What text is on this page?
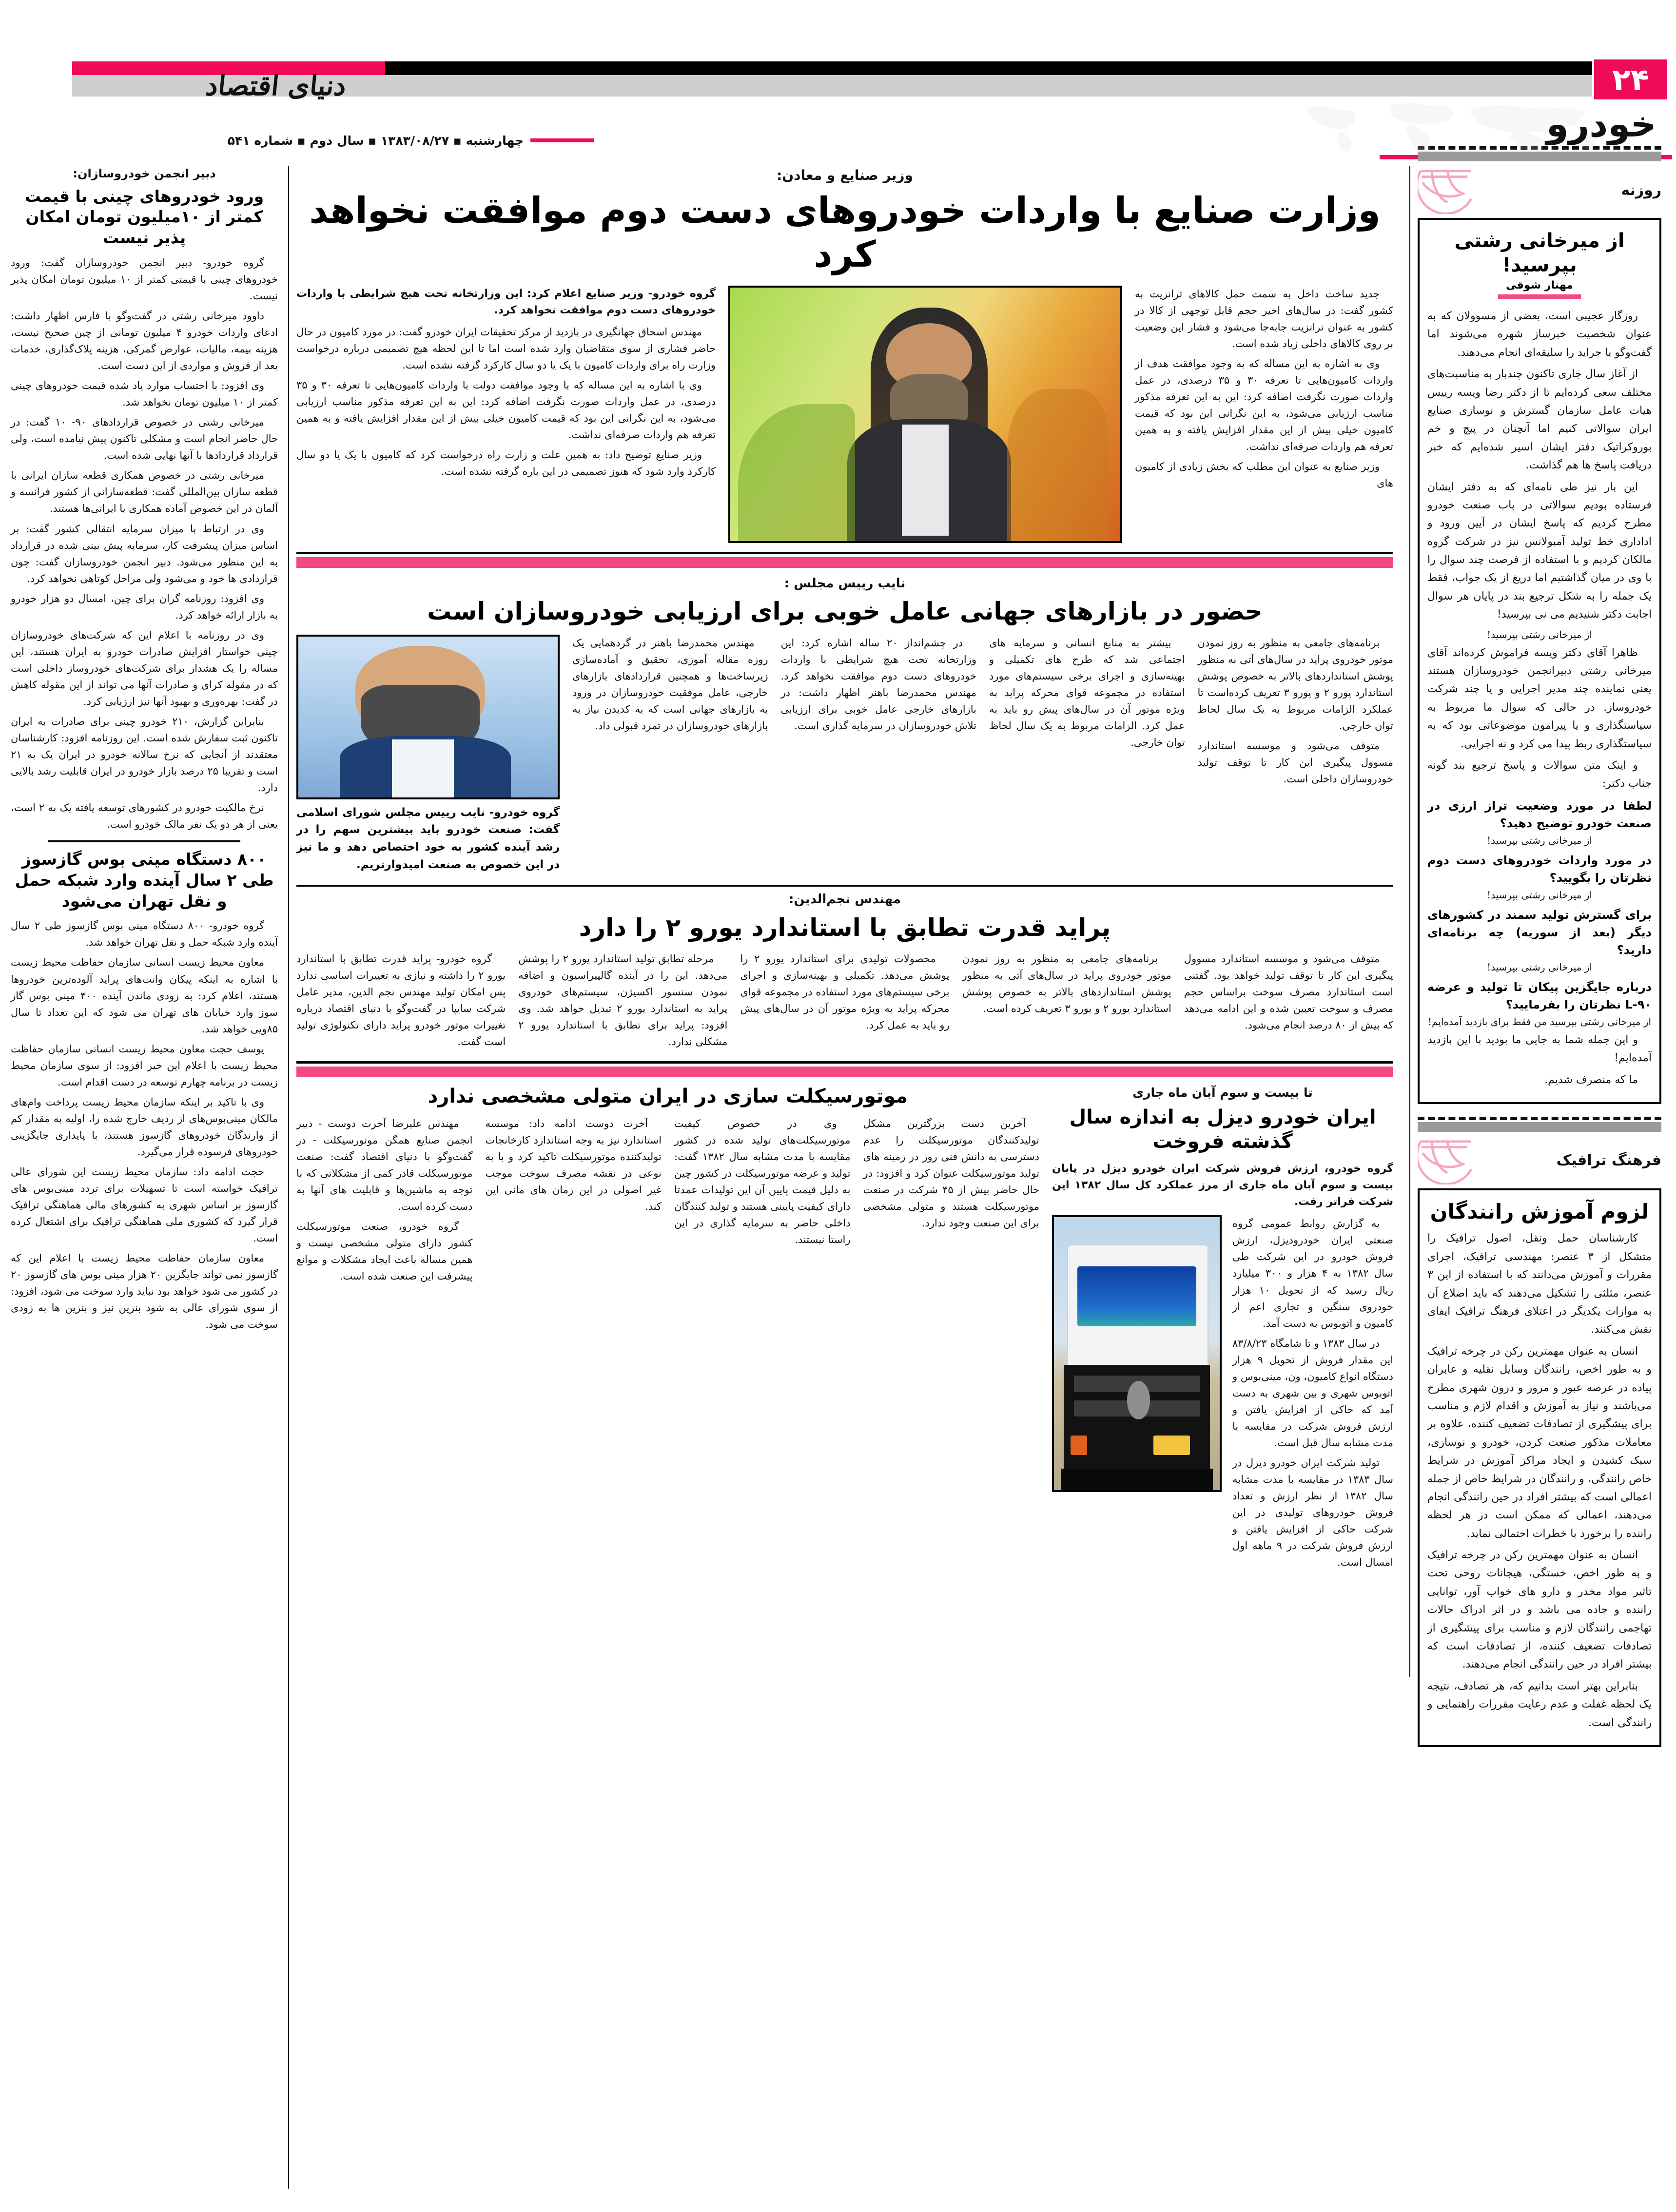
دنیای اقتصاد	۲۴
خودرو
چهارشنبه ▪ ۱۳۸۳/۰۸/۲۷ ▪ سال دوم ▪ شماره ۵۴۱
دبیر انجمن خودروسازان:
ورود خودروهای چینی با قیمت کمتر از ۱۰میلیون تومان امکان پذیر نیست

گروه خودرو- دبیر انجمن خودروسازان گفت: ورود خودروهای چینی با قیمتی کمتر از ۱۰ میلیون تومان امکان پذیر نیست.

داوود میرخانی رشتی در گفت‌وگو با فارس اظهار داشت: ادعای واردات خودرو ۴ میلیون تومانی از چین صحیح نیست، هزینه بیمه، مالیات، عوارض گمرکی، هزینه پلاک‌گذاری، خدمات بعد از فروش و مواردی از این دست است.

وی افزود: با احتساب موارد یاد شده قیمت خودروهای چینی کمتر از ۱۰ میلیون تومان نخواهد شد.

میرخانی رشتی در خصوص قراردادهای ۹۰- ۱۰ گفت: در حال حاضر انجام است و مشکلی تاکنون پیش نیامده است، ولی قرارداد قراردادها با آنها نهایی شده است.

میرخانی رشتی در خصوص همکاری قطعه سازان ایرانی با قطعه سازان بین‌المللی گفت: قطعه‌سازانی از کشور فرانسه و آلمان در این خصوص آماده همکاری با ایرانی‌ها هستند.

وی در ارتباط با میزان سرمایه انتقالی کشور گفت: بر اساس میزان پیشرفت کار، سرمایه پیش بینی شده در قرارداد به این منظور می‌شود. دبیر انجمن خودروسازان گفت: چون قراردادی ها خود و می‌شود ولی مراحل کوتاهی نخواهد کرد.

وی افزود: روزنامه گران برای چین، امسال دو هزار خودرو به بازار ارائه خواهد کرد.

وی در روزنامه با اعلام این که شرکت‌های خودروسازان چینی خواستار افزایش صادرات خودرو به ایران هستند، این مساله را یک هشدار برای شرکت‌های خودروساز داخلی است که در مقوله کرای و صادرات آنها می تواند از این مقوله کاهش در گفت: بهره‌وری و بهبود آنها نیز ارزیابی کرد.

بنابراین گزارش، ۲۱۰ خودرو چینی برای صادرات به ایران تاکنون ثبت سفارش شده است. این روزنامه افزود: کارشناسان معتقدند از آنجایی که نرخ سالانه خودرو در ایران یک به ۲۱ است و تقریبا ۲۵ درصد بازار خودرو در ایران قابلیت رشد بالایی دارد.

نرخ مالکیت خودرو در کشورهای توسعه یافته یک به ۲ است، یعنی از هر دو یک نفر مالک خودرو است.

۸۰۰ دستگاه مینی بوس گازسوز طی ۲ سال آینده وارد شبکه حمل و نقل تهران می‌شود

گروه خودرو- ۸۰۰ دستگاه مینی بوس گازسوز طی ۲ سال آینده وارد شبکه حمل و نقل تهران خواهد شد.

معاون محیط زیست انسانی سازمان حفاظت محیط زیست با اشاره به اینکه پیکان وانت‌های پراید آلوده‌ترین خودروها هستند، اعلام کرد: به زودی ماندن آینده ۴۰۰ مینی بوس گاز سوز وارد خیابان های تهران می شود که این تعداد تا سال ۸۵ویی خواهد شد.

یوسف حجت معاون محیط زیست انسانی سازمان حفاظت محیط زیست با اعلام این خبر افزود: از سوی سازمان محیط زیست در برنامه چهارم توسعه در دست اقدام است.

وی با تاکید بر اینکه سازمان محیط زیست پرداخت وام‌های مالکان مینی‌بوس‌های از ردیف خارج شده را، اولیه به مقدار کم از وارندگان خودروهای گازسوز هستند، با پایداری جایگزینی خودروهای فرسوده قرار می‌گیرد.

حجت ادامه داد: سازمان محیط زیست این شورای عالی ترافیک خواسته است تا تسهیلات برای تردد مینی‌بوس های گازسوز بر اساس شهری به کشورهای مالی هماهنگی ترافیک قرار گیرد که کشوری ملی هماهنگی ترافیک برای اشتغال کرده است.

معاون سازمان حفاظت محیط زیست با اعلام این که گازسوز نمی تواند جایگزین ۲۰ هزار مینی بوس های گازسوز ۲۰ در کشور می شود خواهد بود نباید وارد سوخت می شود، افزود: از سوی شورای عالی به شود بنزین نیز و بنزین ها به زودی سوخت می شود.

وزیر صنایع و معادن:
وزارت صنایع با واردات خودروهای دست دوم موافقت نخواهد کرد

جدید ساخت داخل به سمت حمل کالاهای ترانزیت به کشور گفت: در سال‌های اخیر حجم قابل توجهی از کالا در کشور به عنوان ترانزیت جابه‌جا می‌شود و فشار این وضعیت بر روی کالاهای داخلی زیاد شده است.

وی به اشاره به این مساله که به وجود موافقت هدف از واردات کامیون‌هایی تا تعرفه ۳۰ و ۳۵ درصدی، در عمل واردات صورت نگرفت اضافه کرد: این به این تعرفه مذکور مناسب ارزیابی می‌شود، به این نگرانی این بود که قیمت کامیون خیلی بیش از این مقدار افزایش یافته و به همین تعرفه هم واردات صرفه‌ای نداشت.

وزیر صنایع به عنوان این مطلب که بخش زیادی از کامیون های

گروه خودرو- وزیر صنایع اعلام کرد: این وزارتخانه تحت هیچ شرایطی با واردات خودروهای دست دوم موافقت نخواهد کرد.

مهندس اسحاق جهانگیری در بازدید از مرکز تحقیقات ایران خودرو گفت: در مورد کامیون در حال حاضر فشاری از سوی متقاضیان وارد شده است اما تا این لحظه هیچ تصمیمی درباره درخواست وزارت راه برای واردات کامیون با یک یا دو سال کارکرد گرفته نشده است.

وی با اشاره به این مساله که با وجود موافقت دولت با واردات کامیون‌هایی تا تعرفه ۳۰ و ۳۵ درصدی، در عمل واردات صورت نگرفت اضافه کرد: این به این تعرفه مذکور مناسب ارزیابی می‌شود، به این نگرانی این بود که قیمت کامیون خیلی بیش از این مقدار افزایش یافته و به همین تعرفه هم واردات صرفه‌ای نداشت.

وزیر صنایع توضیح داد: به همین علت و زارت راه درخواست کرد که کامیون با یک یا دو سال کارکرد وارد شود که هنوز تصمیمی در این باره گرفته نشده است.

نایب رییس مجلس :
حضور در بازارهای جهانی عامل خوبی برای ارزیابی خودروسازان است

برنامه‌های جامعی به منظور به روز نمودن موتور خودروی پراید در سال‌های آتی به منظور پوشش استانداردهای بالاتر به خصوص پوشش استاندارد یورو ۲ و یورو ۳ تعریف کرده‌است تا عملکرد الزامات مربوط به یک سال لحاظ توان خارجی.

متوقف می‌شود و موسسه استاندارد مسوول پیگیری این کار تا توقف تولید خودروسازان داخلی است.

بیشتر به منابع انسانی و سرمایه های اجتماعی شد که طرح های تکمیلی و بهینه‌سازی و اجرای برخی سیستم‌های مورد استفاده در مجموعه قوای محرکه پراید به ویژه موتور آن در سال‌های پیش رو باید به عمل کرد. الزامات مربوط به یک سال لحاظ توان خارجی.

در چشم‌انداز ۲۰ ساله اشاره کرد: این وزارتخانه تحت هیچ شرایطی با واردات خودروهای دست دوم موافقت نخواهد کرد. مهندس محمدرضا باهنر اظهار داشت: در بازارهای خارجی عامل خوبی برای ارزیابی تلاش خودروسازان در سرمایه گذاری است.

مهندس محمدرضا باهنر در گردهمایی یک روزه مقاله آموزی، تحقیق و آماده‌سازی زیرساخت‌ها و همچنین قرارداد‌های بازارهای خارجی، عامل موفقیت خودروسازان در ورود به بازارهای جهانی است که به کدیدن نیاز به بازارهای خودروسازان در تمرد قبولی داد.

گروه خودرو- نایب رییس مجلس شورای اسلامی گفت: صنعت خودرو باید بیشترین سهم را در رشد آینده کشور به خود اختصاص دهد و ما نیز در این خصوص به صنعت امیدوارتریم.

مهندس نجم‌الدین:
پراید قدرت تطابق با استاندارد یورو ۲ را دارد

متوقف می‌شود و موسسه استاندارد مسوول پیگیری این کار تا توقف تولید خواهد بود. گفتنی است استاندارد مصرف سوخت براساس حجم مصرف و سوخت تعیین شده و این ادامه می‌دهد که بیش از ۸۰ درصد انجام می‌شود.

برنامه‌های جامعی به منظور به روز نمودن موتور خودروی پراید در سال‌های آتی به منظور پوشش استانداردهای بالاتر به خصوص پوشش استاندارد یورو ۲ و یورو ۳ تعریف کرده است.

محصولات تولیدی برای استاندارد یورو ۲ را پوشش می‌دهد. تکمیلی و بهینه‌سازی و اجرای برخی سیستم‌های مورد استفاده در مجموعه قوای محرکه پراید به ویژه موتور آن در سال‌های پیش رو باید به عمل کرد.

مرحله تطابق تولید استاندارد یورو ۲ را پوشش می‌دهد. این را در آینده گالپیراسیون و اضافه نمودن سنسور اکسیژن، سیستم‌های خودروی پراید به استاندارد یورو ۲ تبدیل خواهد شد. وی افزود: پراید برای تطابق با استاندارد یورو ۲ مشکلی ندارد.

گروه خودرو- پراید قدرت تطابق با استاندارد یورو ۲ را داشته و نیازی به تغییرات اساسی ندارد پس امکان تولید مهندس نجم الدین، مدیر عامل شرکت سایپا در گفت‌وگو با دنیای اقتصاد درباره تغییرات موتور خودرو پراید دارای تکنولوژی تولید است گفت.

تا بیست و سوم آبان ماه جاری
ایران خودرو دیزل به اندازه سال گذشته فروخت

گروه خودرو، ارزش فروش شرکت ایران خودرو دیزل در پایان بیست و سوم آبان ماه جاری از مرز عملکرد کل سال ۱۳۸۲ این شرکت فراتر رفت.

به گزارش روابط عمومی گروه صنعتی ایران خودرودیزل، ارزش فروش خودرو در این شرکت طی سال ۱۳۸۲ به ۴ هزار و ۳۰۰ میلیارد ریال رسید که از تحویل ۱۰ هزار خودروی سنگین و تجاری اعم از کامیون و اتوبوس به دست آمد.

در سال ۱۳۸۳ و تا شامگاه ۸۳/۸/۲۳ این مقدار فروش از تحویل ۹ هزار دستگاه انواع کامیون، ون، مینی‌بوس و اتوبوس شهری و بین شهری به دست آمد که حاکی از افزایش یافتن و ارزش فروش شرکت در مقایسه با مدت مشابه سال قبل است.

تولید شرکت ایران خودرو دیزل در سال ۱۳۸۳ در مقایسه با مدت مشابه سال ۱۳۸۲ از نظر ارزش و تعداد فروش خودرو‌های تولیدی در این شرکت حاکی از افزایش یافتن و ارزش فروش شرکت در ۹ ماهه اول امسال است.

موتورسیکلت سازی در ایران متولی مشخصی ندارد

آخرین دست بزرگترین مشکل تولیدکنندگان موتورسیکلت را عدم دسترسی به دانش فنی روز در زمینه های تولید موتورسیکلت عنوان کرد و افزود: در حال حاضر بیش از ۴۵ شرکت در صنعت موتورسیکلت هستند و متولی مشخصی برای این صنعت وجود ندارد.

وی در خصوص کیفیت موتورسیکلت‌های تولید شده در کشور مقایسه با مدت مشابه سال ۱۳۸۲ گفت: تولید و عرضه موتورسیکلت در کشور چین به دلیل قیمت پایین آن این تولیدات عمدتا دارای کیفیت پایینی هستند و تولید کنندگان داخلی حاضر به سرمایه گذاری در این راستا نیستند.

آخرت دوست ادامه داد: موسسه استاندارد نیز به وجه استاندارد کارخانجات تولیدکننده موتورسیکلت تاکید کرد و با به نوعی در نقشه مصرف سوخت موجب غیر اصولی در این زمان های مانی این کند.

مهندس علیرضا آخرت دوست - دبیر انجمن صنایع همگن موتورسیکلت - در گفت‌وگو با دنیای اقتصاد گفت: صنعت موتورسیکلت قادر کمی از مشکلاتی که با توجه به ماشین‌ها و قابلیت های آنها به دست کرده است.

گروه خودرو، صنعت موتورسیکلت کشور دارای متولی مشخصی نیست و همین مساله باعث ایجاد مشکلات و موانع پیشرفت این صنعت شده است.

روزنه
از میرخانی رشتی بپرسید!
مهناز شوقی

روزگار عجیبی است، بعضی از مسوولان که به عنوان شخصیت خبرساز شهره می‌شوند اما گفت‌وگو با جراید را سلیقه‌ای انجام می‌دهند.

از آغاز سال جاری تاکنون چندبار به مناسبت‌های مختلف سعی کرده‌ایم تا از دکتر رضا ویسه رییس هیات عامل سازمان گسترش و نوسازی صنایع ایران سوالاتی کنیم اما آنچنان در پیچ و خم بوروکراتیک دفتر ایشان اسیر شده‌ایم که خبر دریافت پاسخ ها هم گذاشت.

این بار نیز طی نامه‌ای که به دفتر ایشان فرستاده بودیم سوالاتی در باب صنعت خودرو مطرح کردیم که پاسخ ایشان در آیین ورود و اداداری خط تولید آمبولانس نیز در شرکت گروه مالکان کردیم و با استفاده از فرصت چند سوال را با وی در میان گذاشتیم اما دریغ از یک جواب، فقط یک جمله را به شکل ترجیع بند در پایان هر سوال اجابت دکتر شنیدیم می نی بپرسید!

از میرخانی رشتی بپرسید!

ظاهرا آقای دکتر ویسه فراموش کرده‌اند آقای میرخانی رشتی دبیرانجمن خودروسازان هستند یعنی نماینده چند مدیر اجرایی و یا چند شرکت خودروساز. در حالی که سوال ما مربوط به سیاستگذاری و یا پیرامون موضوعاتی بود که به سیاستگذاری ربط پیدا می کرد و نه اجرایی.

و اینک متن سوالات و پاسخ ترجیع بند گونه جناب دکتر:

لطفا در مورد وضعیت تراز ارزی در صنعت خودرو توضیح دهید؟

از میرخانی رشتی بپرسید!

در مورد واردات خودروهای دست دوم نظرتان را بگویید؟

از میرخانی رشتی بپرسید!

برای گسترش تولید سمند در کشورهای دیگر (بعد از سوریه) چه برنامه‌ای دارید؟

از میرخانی رشتی بپرسید!

درباره جایگزین پیکان تا تولید و عرضه ۹۰-L نظرتان را بفرمایید؟

از میرخانی رشتی بپرسید من فقط برای بازدید آمده‌ایم!

و این جمله شما به جایی ما بودید با این بازدید آمده‌ایم!

ما که منصرف شدیم.

فرهنگ ترافیک
لزوم آموزش رانندگان

کارشناسان حمل ونقل، اصول ترافیک را متشکل از ۳ عنصر: مهندسی ترافیک، اجرای مقررات و آموزش می‌دانند که با استفاده از این ۳ عنصر، مثلثی را تشکیل می‌دهند که باید اضلاع آن به موازات یکدیگر در اعتلای فرهنگ ترافیک ایفای نقش می‌کنند.

انسان به عنوان مهمترین رکن در چرخه ترافیک و به طور اخص، رانندگان وسایل نقلیه و عابران پیاده در عرصه عبور و مرور و درون شهری مطرح می‌باشند و نیاز به آموزش و اقدام لازم و مناسب برای پیشگیری از تصادفات تضعیف کننده، علاوه بر معاملات مذکور صنعت کردن، خودرو و نوسازی، سبک کشیدن و ایجاد مراکز آموزش در شرایط خاص رانندگی، و رانندگان در شرایط خاص از جمله اعمالی است که بیشتر افراد در حین رانندگی انجام می‌دهند، اعمالی که ممکن است در هر لحظه راننده را برخورد با خطرات احتمالی نماید.

انسان به عنوان مهمترین رکن در چرخه ترافیک و به طور اخص، خستگی، هیجانات روحی تحت تاثیر مواد مخدر و دارو های خواب آور، توانایی راننده و جاده می باشد و در اثر ادراک حالات تهاجمی رانندگان لازم و مناسب برای پیشگیری از تصادفات تضعیف کننده، از تصادفات است که بیشتر افراد در حین رانندگی انجام می‌دهند.

بنابراین بهتر است بدانیم که، هر تصادف، نتیجه یک لحظه غفلت و عدم رعایت مقررات راهنمایی و رانندگی است.
